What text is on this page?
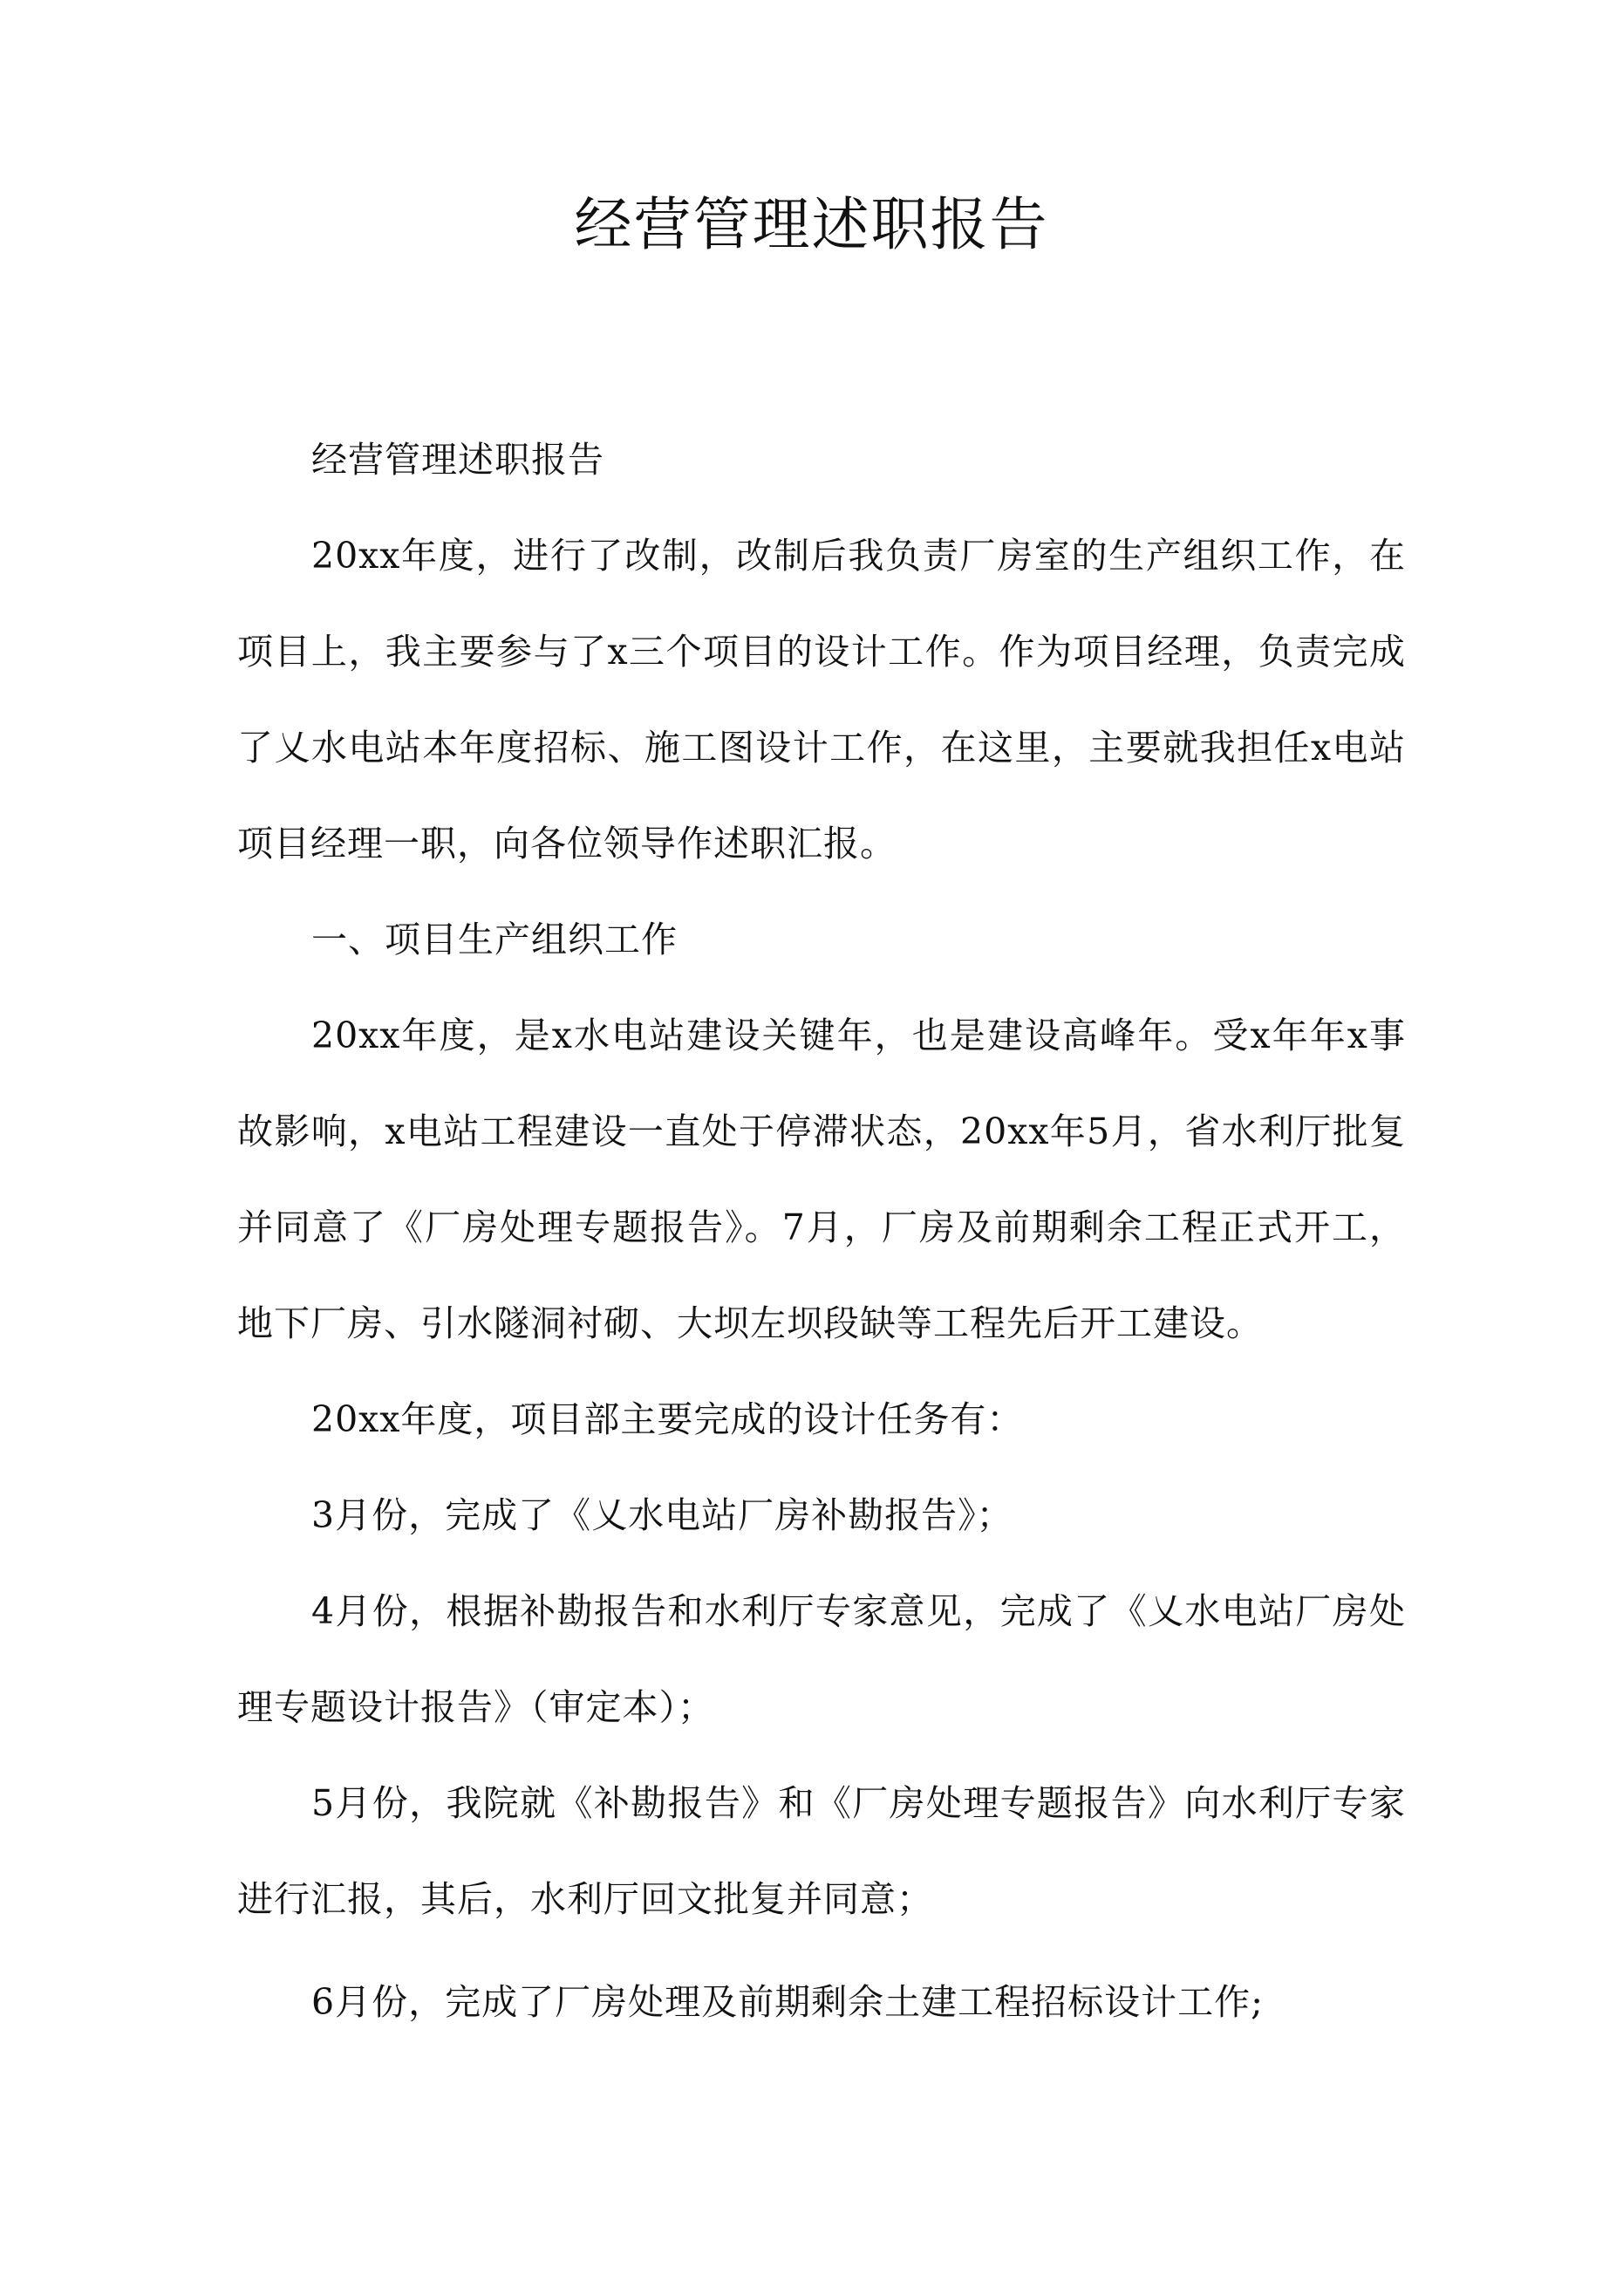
经营管理述职报告

经营管理述职报告

20xx年度，进行了改制，改制后我负责厂房室的生产组织工作，在项目上，我主要参与了x三个项目的设计工作。作为项目经理，负责完成了乂水电站本年度招标、施工图设计工作，在这里，主要就我担任x电站项目经理一职，向各位领导作述职汇报。

一、项目生产组织工作

20xx年度，是x水电站建设关键年，也是建设高峰年。受x年年x事故影响，x电站工程建设一直处于停滞状态，20xx年5月，省水利厅批复并同意了《厂房处理专题报告》。7月，厂房及前期剩余工程正式开工，地下厂房、引水隧洞衬砌、大坝左坝段缺等工程先后开工建设。

20xx年度，项目部主要完成的设计任务有：

3月份，完成了《乂水电站厂房补勘报告》；

4月份，根据补勘报告和水利厅专家意见，完成了《乂水电站厂房处理专题设计报告》（审定本）；

5月份，我院就《补勘报告》和《厂房处理专题报告》向水利厅专家进行汇报，其后，水利厅回文批复并同意；

6月份，完成了厂房处理及前期剩余土建工程招标设计工作;
